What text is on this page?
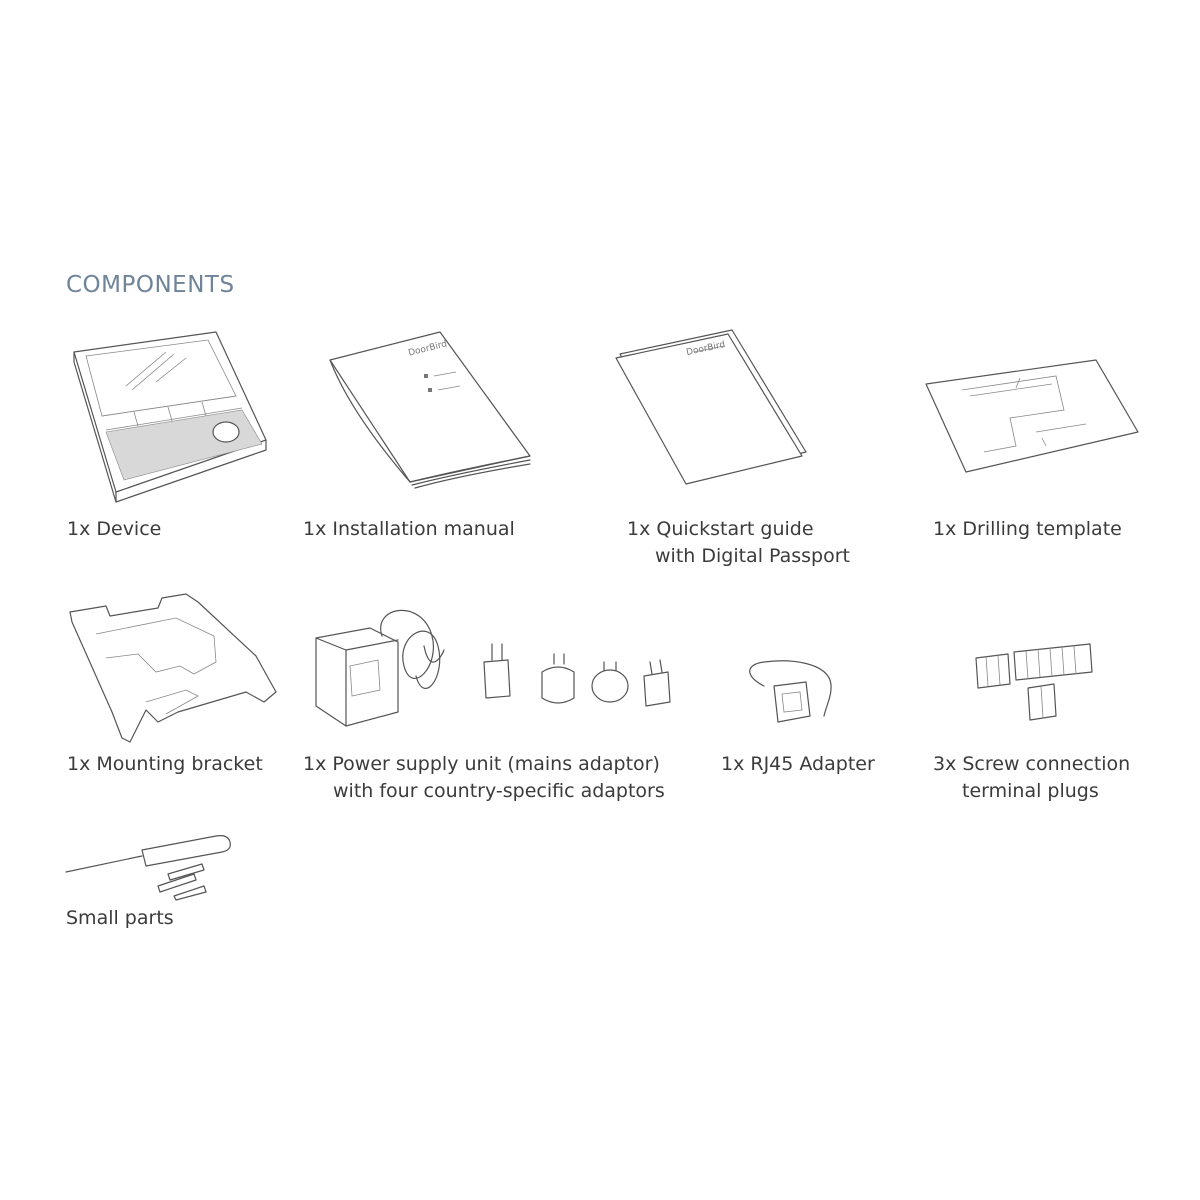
COMPONENTS
1x Device
DoorBird
1x Installation manual
DoorBird
1x Quickstart guide
with Digital Passport
1x Drilling template
1x Mounting bracket 1x Power supply unit (mains adaptor)
with four country-specific adaptors
1x RJ45 Adapter	3x Screw connection
terminal plugs
Small parts
